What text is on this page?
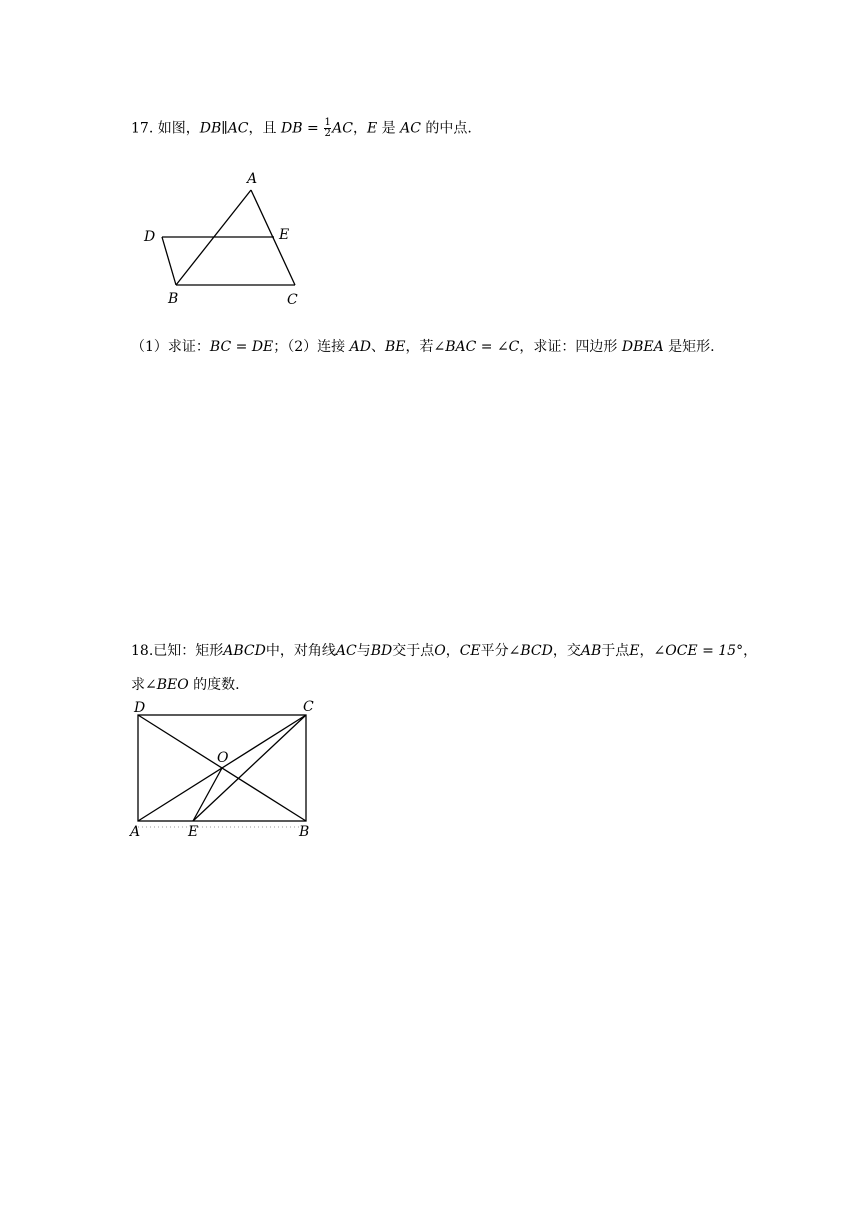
17. 如图，DB∥AC，且 DB = $\frac{1}{2}$ AC，E 是 AC 的中点.
A
D	E
B	C
（1）求证：BC = DE；（2）连接 AD、BE，若∠BAC = ∠C，求证：四边形 DBEA 是矩形.
18.已知：矩形ABCD中，对角线AC与BD交于点O，CE平分∠BCD，交AB于点E，∠OCE = 15°，
求∠BEO 的度数.
D	C
O
A	E	B
